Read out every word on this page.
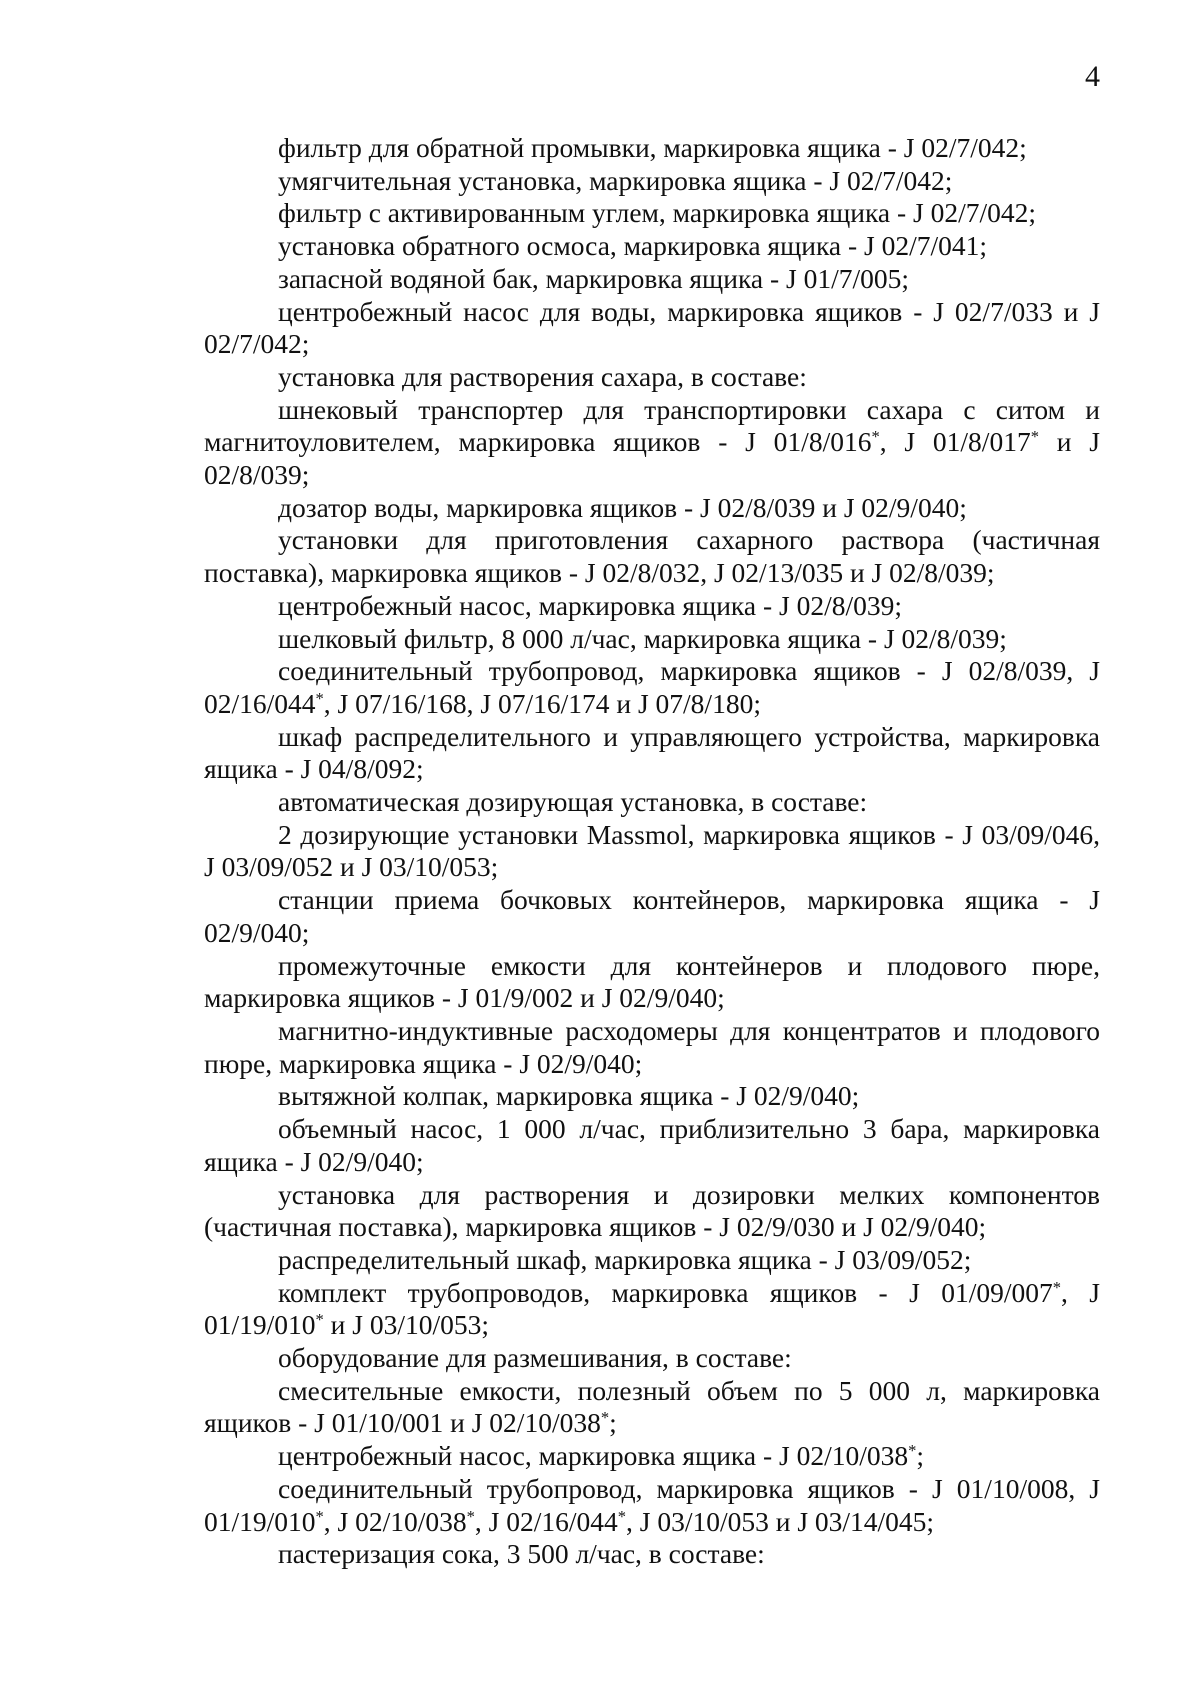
4

фильтр для обратной промывки, маркировка ящика - J 02/7/042;

умягчительная установка, маркировка ящика - J 02/7/042;

фильтр с активированным углем, маркировка ящика - J 02/7/042;

установка обратного осмоса, маркировка ящика - J 02/7/041;

запасной водяной бак, маркировка ящика - J 01/7/005;

центробежный насос для воды, маркировка ящиков - J 02/7/033 и J 02/7/042;

установка для растворения сахара, в составе:

шнековый транспортер для транспортировки сахара с ситом и магнитоуловителем, маркировка ящиков - J 01/8/016*, J 01/8/017* и J 02/8/039;

дозатор воды, маркировка ящиков - J 02/8/039 и J 02/9/040;

установки для приготовления сахарного раствора (частичная поставка), маркировка ящиков - J 02/8/032, J 02/13/035 и J 02/8/039;

центробежный насос, маркировка ящика - J 02/8/039;

шелковый фильтр, 8 000 л/час, маркировка ящика - J 02/8/039;

соединительный трубопровод, маркировка ящиков - J 02/8/039, J 02/16/044*, J 07/16/168, J 07/16/174 и J 07/8/180;

шкаф распределительного и управляющего устройства, маркировка ящика - J 04/8/092;

автоматическая дозирующая установка, в составе:

2 дозирующие установки Massmol, маркировка ящиков - J 03/09/046, J 03/09/052 и J 03/10/053;

станции приема бочковых контейнеров, маркировка ящика - J 02/9/040;

промежуточные емкости для контейнеров и плодового пюре, маркировка ящиков - J 01/9/002 и J 02/9/040;

магнитно-индуктивные расходомеры для концентратов и плодового пюре, маркировка ящика - J 02/9/040;

вытяжной колпак, маркировка ящика - J 02/9/040;

объемный насос, 1 000 л/час, приблизительно 3 бара, маркировка ящика - J 02/9/040;

установка для растворения и дозировки мелких компонентов (частичная поставка), маркировка ящиков - J 02/9/030 и J 02/9/040;

распределительный шкаф, маркировка ящика - J 03/09/052;

комплект трубопроводов, маркировка ящиков - J 01/09/007*, J 01/19/010* и J 03/10/053;

оборудование для размешивания, в составе:

смесительные емкости, полезный объем по 5 000 л, маркировка ящиков - J 01/10/001 и J 02/10/038*;

центробежный насос, маркировка ящика - J 02/10/038*;

соединительный трубопровод, маркировка ящиков - J 01/10/008, J 01/19/010*, J 02/10/038*, J 02/16/044*, J 03/10/053 и J 03/14/045;

пастеризация сока, 3 500 л/час, в составе:
